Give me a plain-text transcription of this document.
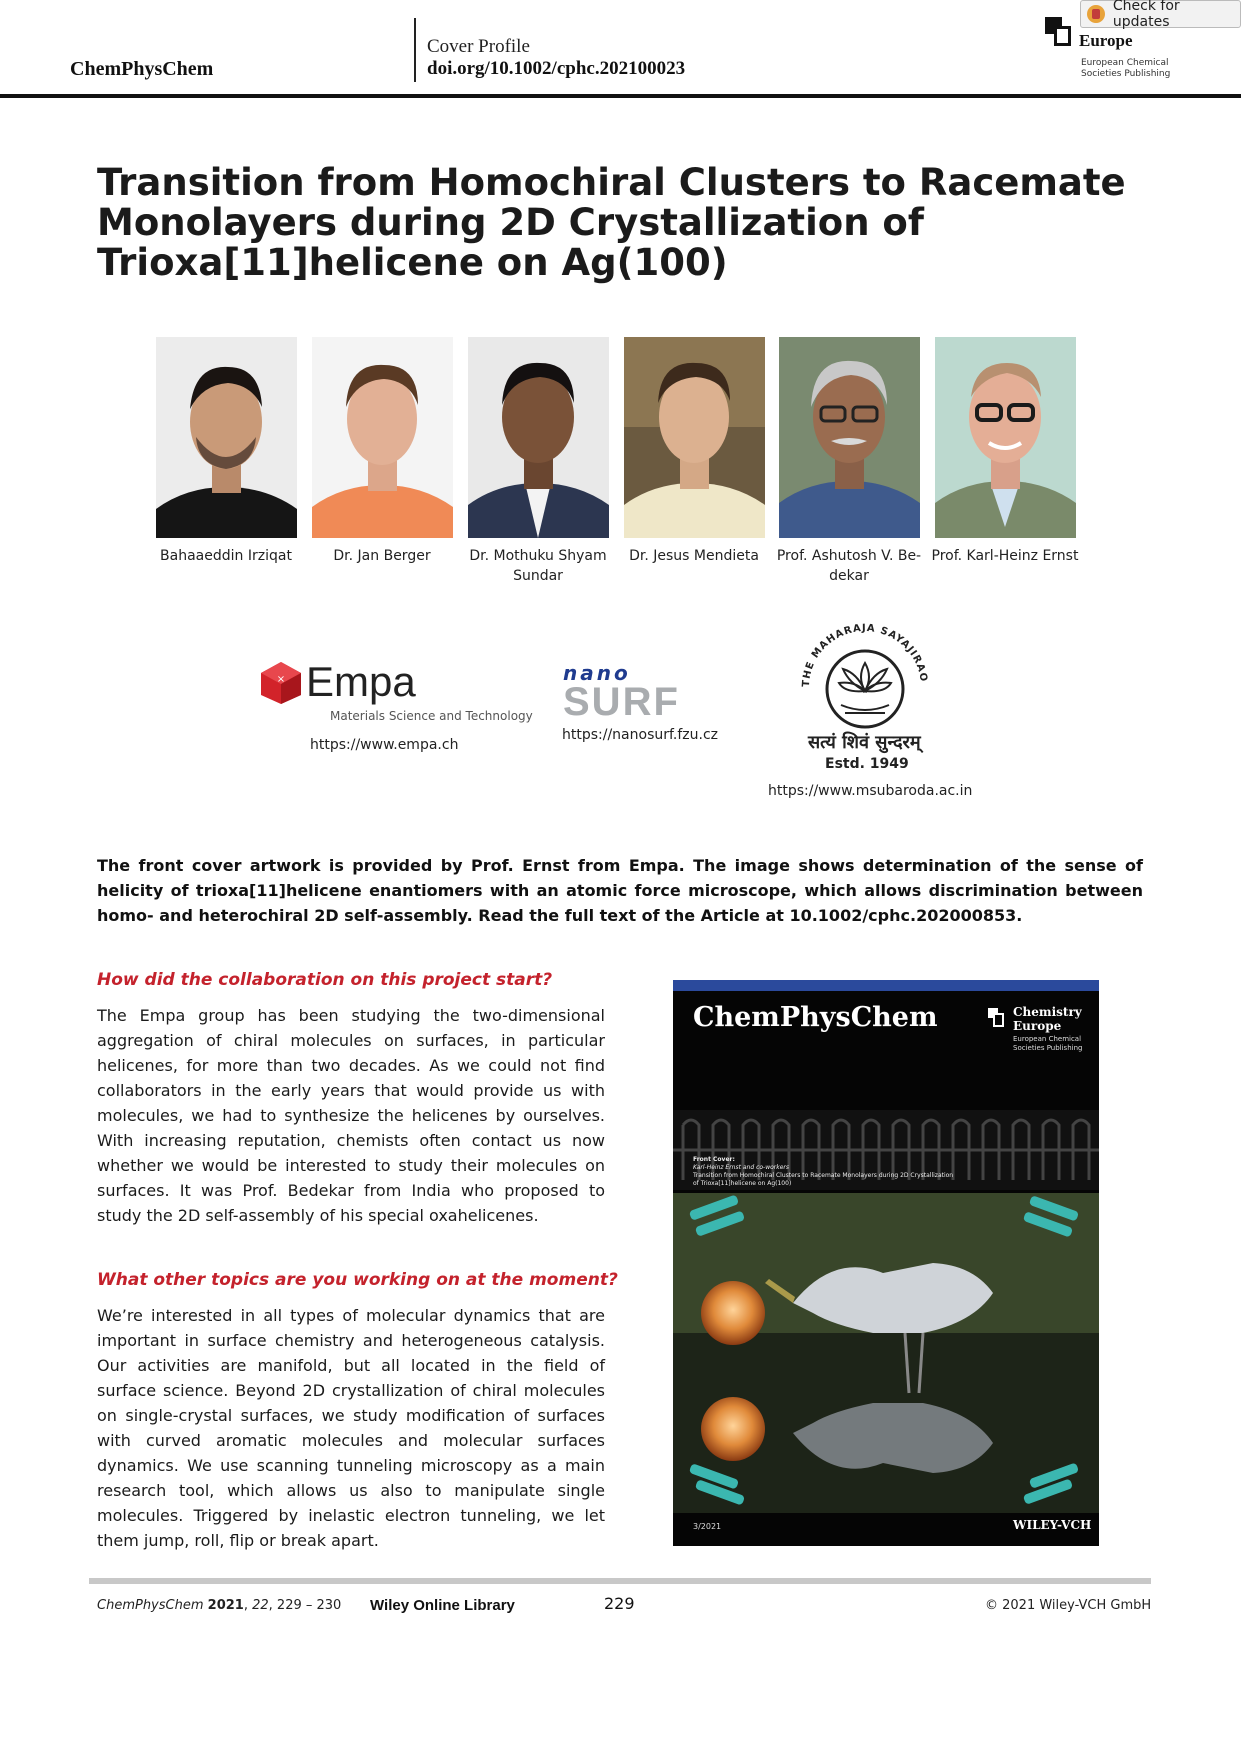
ChemPhysChem
Cover Profile
doi.org/10.1002/cphc.202100023
Europe
European Chemical
Societies Publishing
Check for updates
Transition from Homochiral Clusters to Racemate Monolayers during 2D Crystallization of Trioxa[11]helicene on Ag(100)
Bahaaeddin Irziqat	Dr. Jan Berger	Dr. Mothuku Shyam Sundar
Dr. Jesus Mendieta	Prof. Ashutosh V. Be-dekar
Prof. Karl-Heinz Ernst
× Empa
Materials Science and Technology
https://www.empa.ch
nano
SURF
https://nanosurf.fzu.cz
THE MAHARAJA SAYAJIRAO
सत्यं शिवं सुन्दरम्
Estd. 1949
https://www.msubaroda.ac.in
The front cover artwork is provided by Prof. Ernst from Empa. The image shows determination of the sense of helicity of trioxa[11]helicene enantiomers with an atomic force microscope, which allows discrimination between homo- and heterochiral 2D self-assembly. Read the full text of the Article at 10.1002/cphc.202000853.
How did the collaboration on this project start?
The Empa group has been studying the two-dimensional aggregation of chiral molecules on surfaces, in particular helicenes, for more than two decades. As we could not find collaborators in the early years that would provide us with molecules, we had to synthesize the helicenes by ourselves. With increasing reputation, chemists often contact us now whether we would be interested to study their molecules on surfaces. It was Prof. Bedekar from India who proposed to study the 2D self-assembly of his special oxahelicenes.
What other topics are you working on at the moment?
We’re interested in all types of molecular dynamics that are important in surface chemistry and heterogeneous catalysis. Our activities are manifold, but all located in the field of surface science. Beyond 2D crystallization of chiral molecules on single-crystal surfaces, we study modification of surfaces with curved aromatic molecules and molecular surfaces dynamics. We use scanning tunneling microscopy as a main research tool, which allows us also to manipulate single molecules. Triggered by inelastic electron tunneling, we let them jump, roll, flip or break apart.
ChemPhysChem	Chemistry
Europe
European Chemical
Societies Publishing
Front Cover:
Karl-Heinz Ernst and co-workers
Transition from Homochiral Clusters to Racemate Monolayers during 2D Crystallization
of Trioxa[11]helicene on Ag(100)
3/2021	WILEY-VCH
ChemPhysChem 2021, 22, 229 – 230 Wiley Online Library	229	© 2021 Wiley-VCH GmbH
